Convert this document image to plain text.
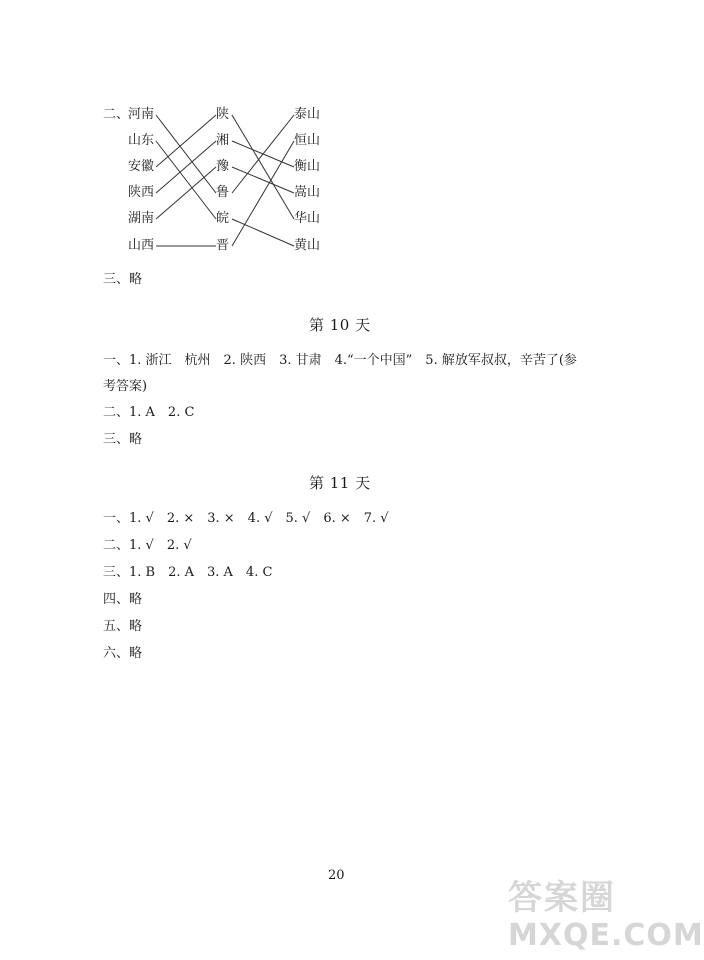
二、
河南
山东
安徽
陕西
湖南
山西
陕
湘
豫
鲁
皖
晋
泰山
恒山
衡山
嵩山
华山
黄山
三、略
第 10 天
一、1. 浙江　杭州　2. 陕西　3. 甘肃　4.“一个中国”　5. 解放军叔叔，辛苦了(参
考答案)
二、1. A　2. C
三、略
第 11 天
一、1. √　2. ×　3. ×　4. √　5. √　6. ×　7. √
二、1. √　2. √
三、1. B　2. A　3. A　4. C
四、略
五、略
六、略
20
答案圈
MXQE.COM
